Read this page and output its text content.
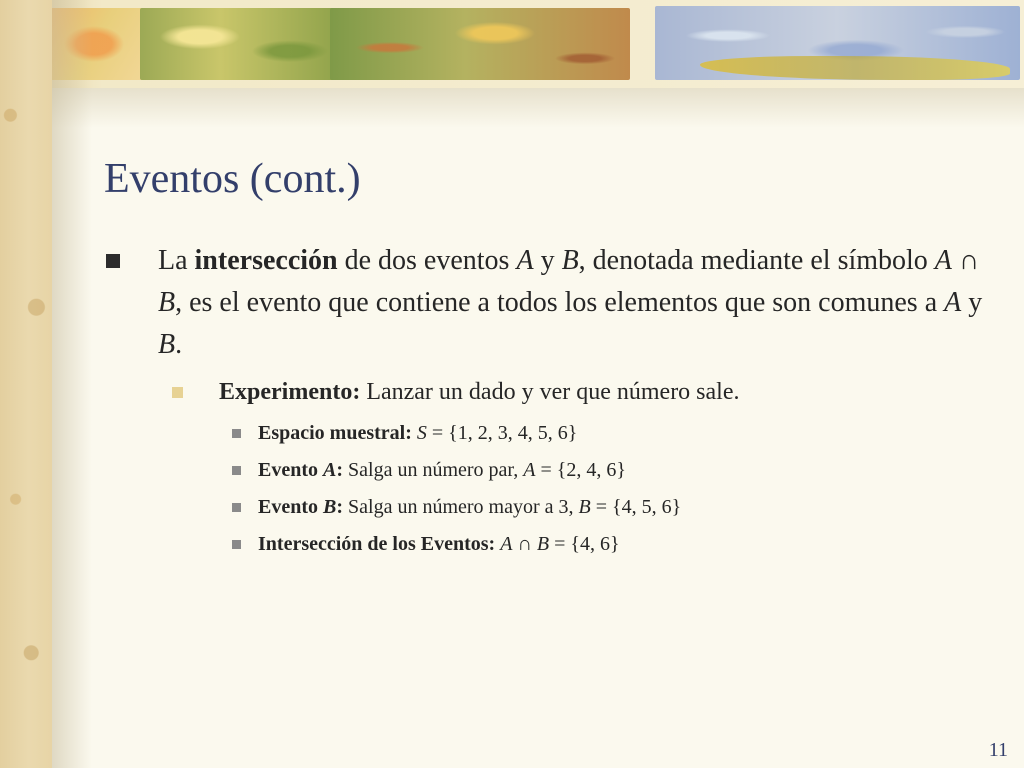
Eventos (cont.)
La intersección de dos eventos A y B, denotada mediante el símbolo A ∩ B, es el evento que contiene a todos los elementos que son comunes a A y B.
Experimento: Lanzar un dado y ver que número sale.
Espacio muestral: S = {1, 2, 3, 4, 5, 6}
Evento A: Salga un número par, A = {2, 4, 6}
Evento B: Salga un número mayor a 3, B = {4, 5, 6}
Intersección de los Eventos: A ∩ B = {4, 6}
11
